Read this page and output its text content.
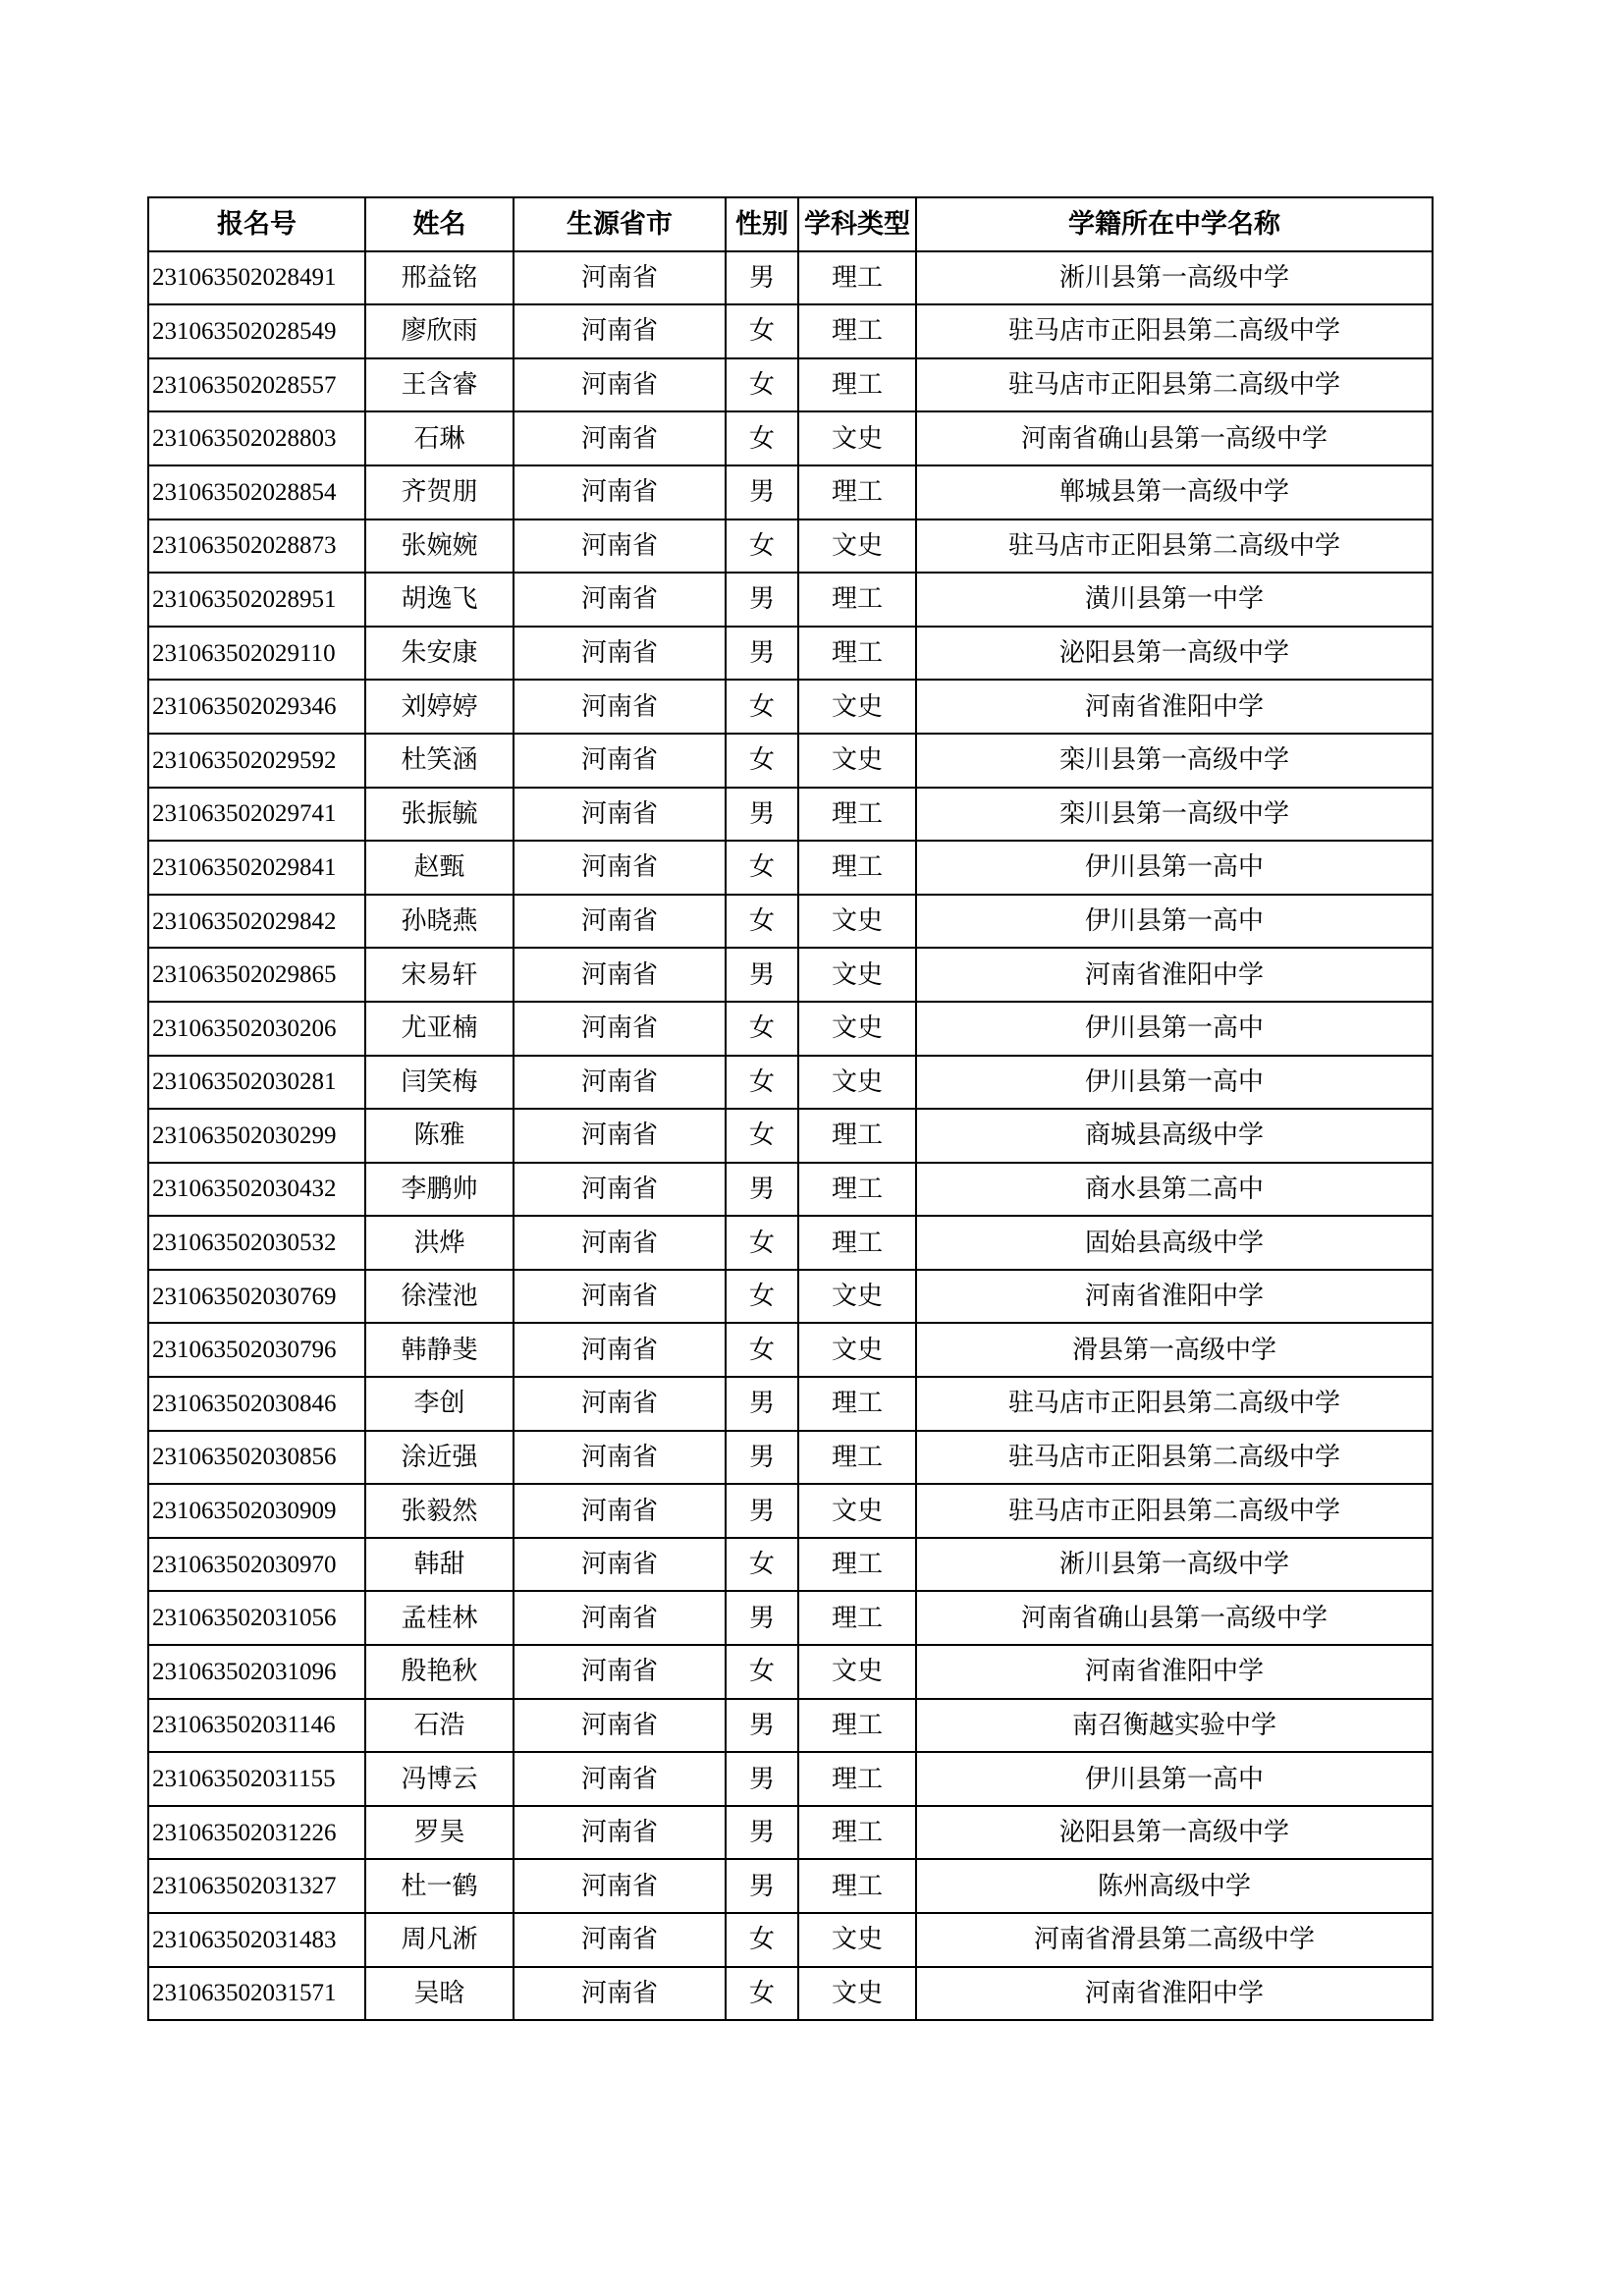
报名号	姓名	生源省市	性别	学科类型	学籍所在中学名称
231063502028491	邢益铭	河南省	男	理工	淅川县第一高级中学
231063502028549	廖欣雨	河南省	女	理工	驻马店市正阳县第二高级中学
231063502028557	王含睿	河南省	女	理工	驻马店市正阳县第二高级中学
231063502028803	石琳	河南省	女	文史	河南省确山县第一高级中学
231063502028854	齐贺朋	河南省	男	理工	郸城县第一高级中学
231063502028873	张婉婉	河南省	女	文史	驻马店市正阳县第二高级中学
231063502028951	胡逸飞	河南省	男	理工	潢川县第一中学
231063502029110	朱安康	河南省	男	理工	泌阳县第一高级中学
231063502029346	刘婷婷	河南省	女	文史	河南省淮阳中学
231063502029592	杜笑涵	河南省	女	文史	栾川县第一高级中学
231063502029741	张振毓	河南省	男	理工	栾川县第一高级中学
231063502029841	赵甄	河南省	女	理工	伊川县第一高中
231063502029842	孙晓燕	河南省	女	文史	伊川县第一高中
231063502029865	宋易轩	河南省	男	文史	河南省淮阳中学
231063502030206	尤亚楠	河南省	女	文史	伊川县第一高中
231063502030281	闫笑梅	河南省	女	文史	伊川县第一高中
231063502030299	陈雅	河南省	女	理工	商城县高级中学
231063502030432	李鹏帅	河南省	男	理工	商水县第二高中
231063502030532	洪烨	河南省	女	理工	固始县高级中学
231063502030769	徐滢池	河南省	女	文史	河南省淮阳中学
231063502030796	韩静斐	河南省	女	文史	滑县第一高级中学
231063502030846	李创	河南省	男	理工	驻马店市正阳县第二高级中学
231063502030856	涂近强	河南省	男	理工	驻马店市正阳县第二高级中学
231063502030909	张毅然	河南省	男	文史	驻马店市正阳县第二高级中学
231063502030970	韩甜	河南省	女	理工	淅川县第一高级中学
231063502031056	孟桂林	河南省	男	理工	河南省确山县第一高级中学
231063502031096	殷艳秋	河南省	女	文史	河南省淮阳中学
231063502031146	石浩	河南省	男	理工	南召衡越实验中学
231063502031155	冯博云	河南省	男	理工	伊川县第一高中
231063502031226	罗昊	河南省	男	理工	泌阳县第一高级中学
231063502031327	杜一鹤	河南省	男	理工	陈州高级中学
231063502031483	周凡淅	河南省	女	文史	河南省滑县第二高级中学
231063502031571	吴晗	河南省	女	文史	河南省淮阳中学
